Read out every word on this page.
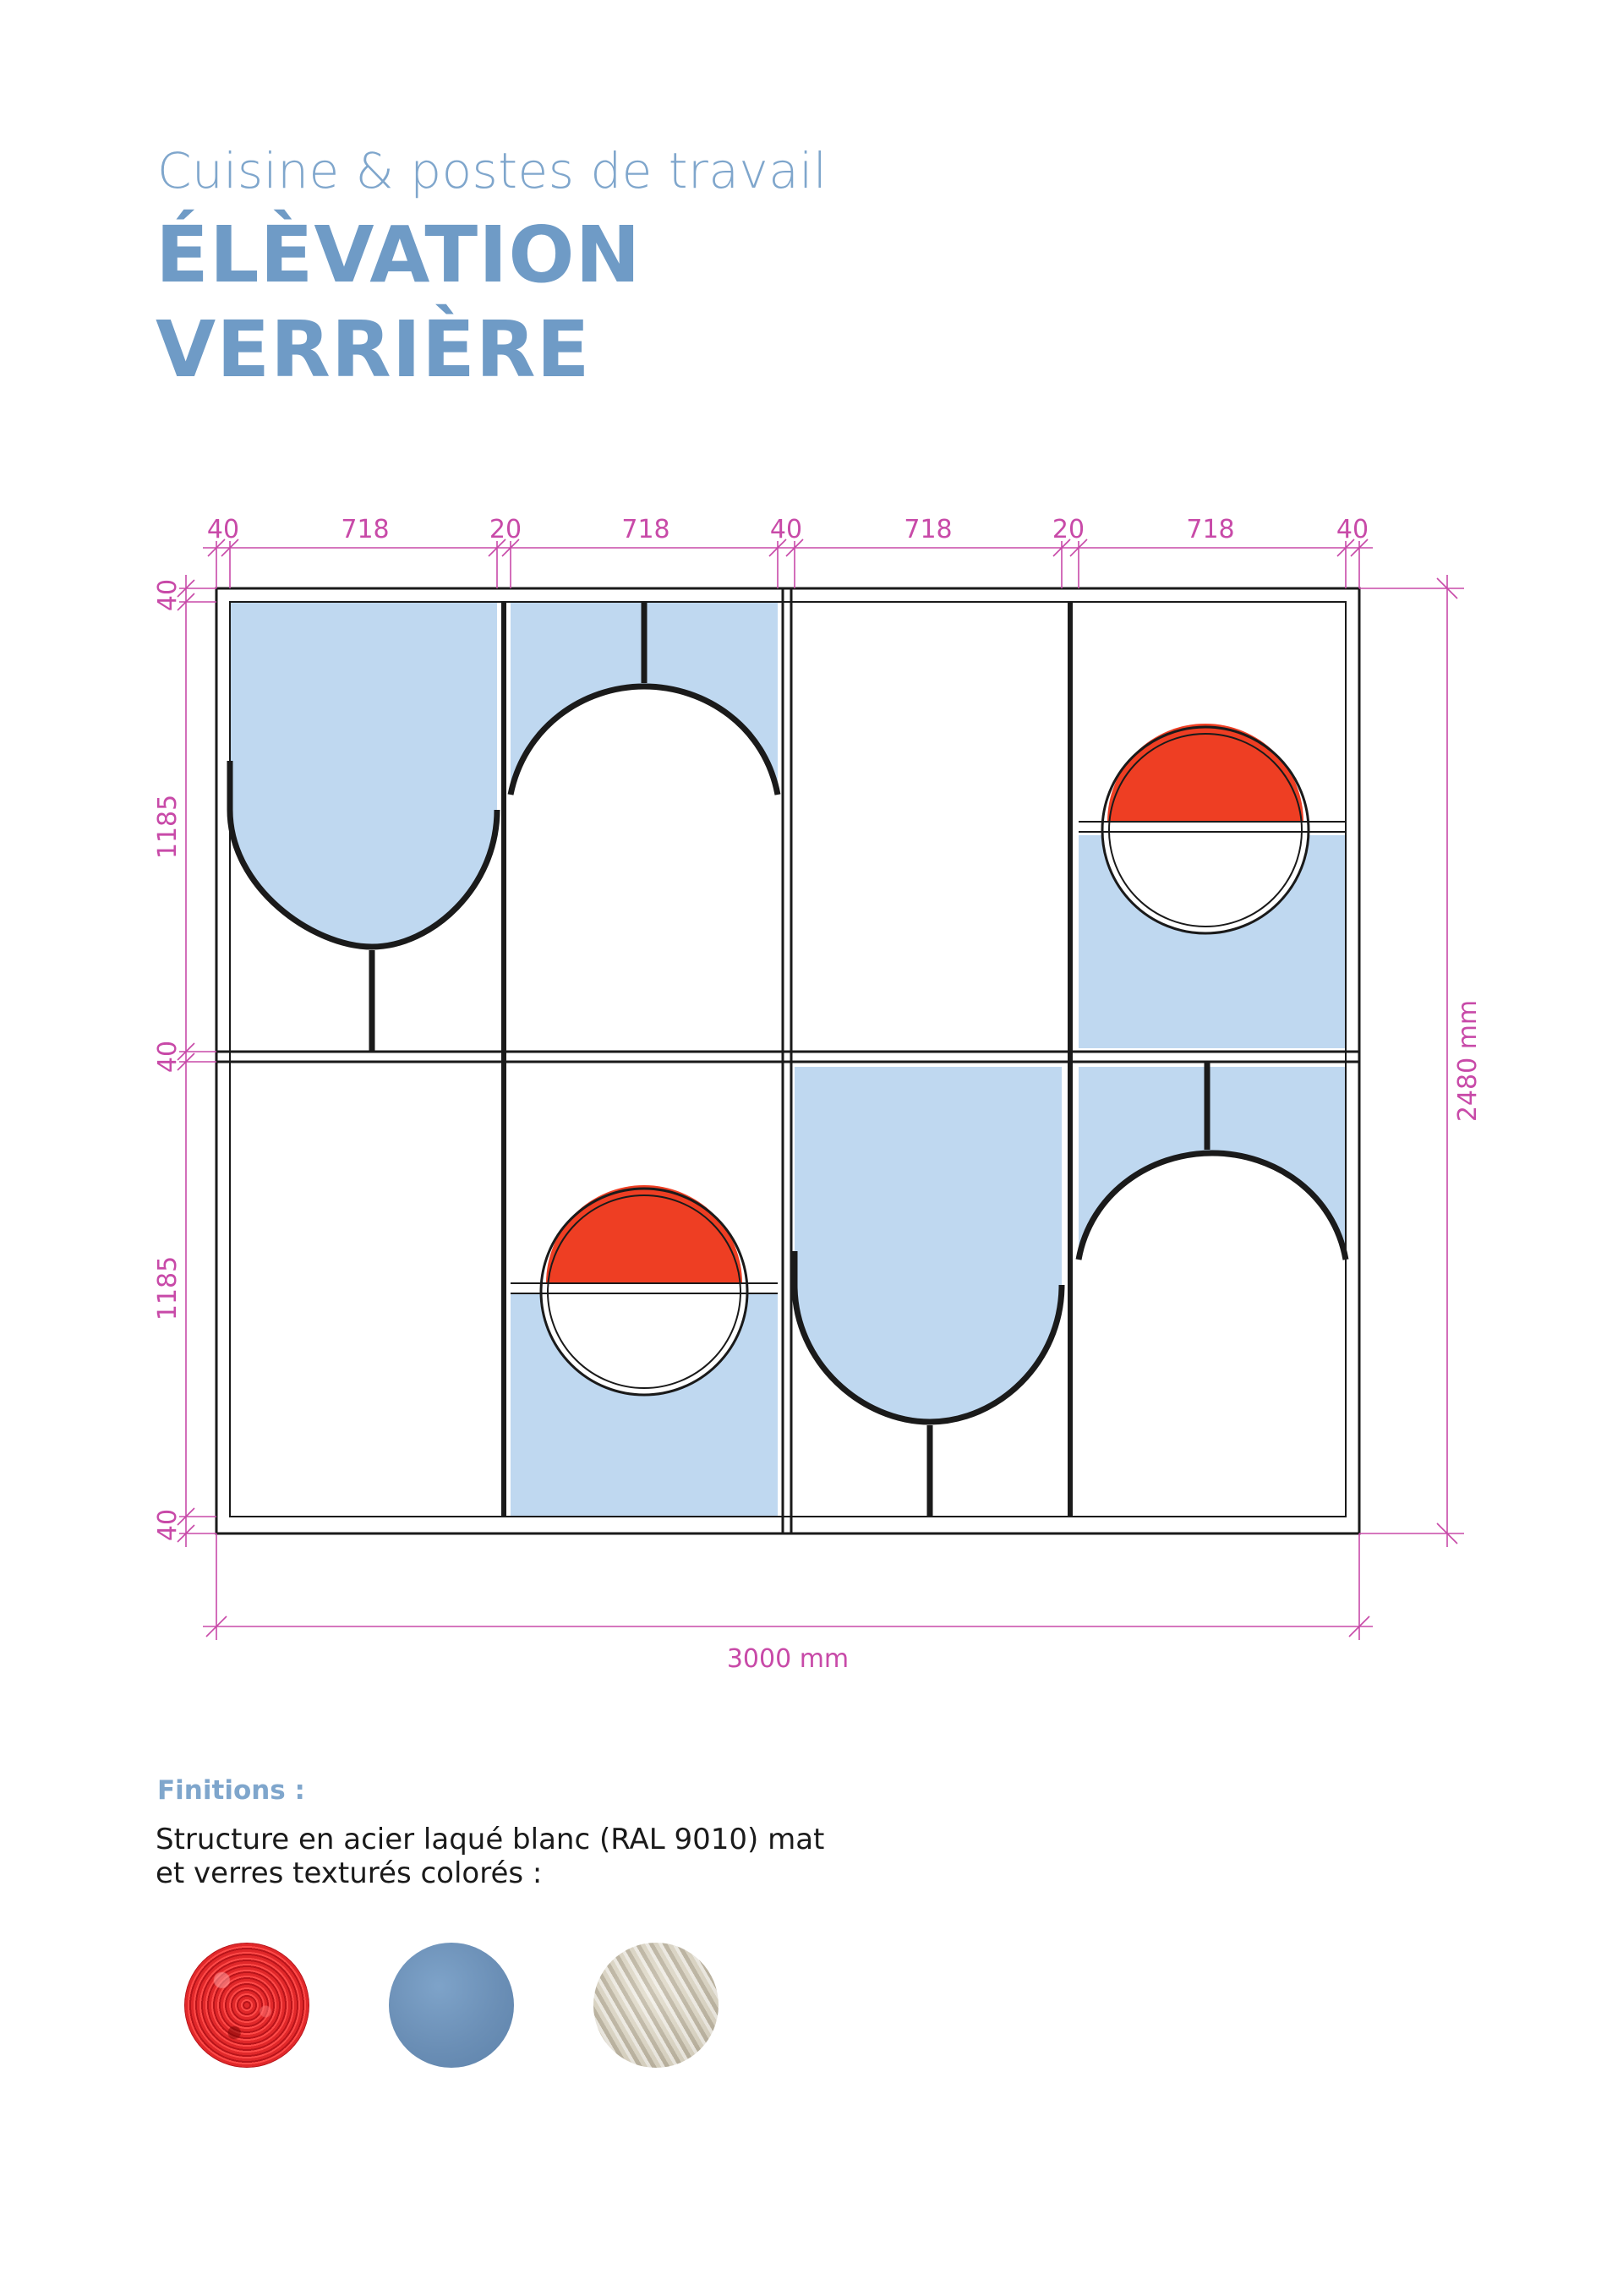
Cuisine & postes de travail
ÉLÈVATION
VERRIÈRE
40	718	20	718	40	718	20	718	40
40
1185
40
1185
40
2480 mm
3000 mm
Finitions :
Structure en acier laqué blanc (RAL 9010) mat
et verres texturés colorés :
